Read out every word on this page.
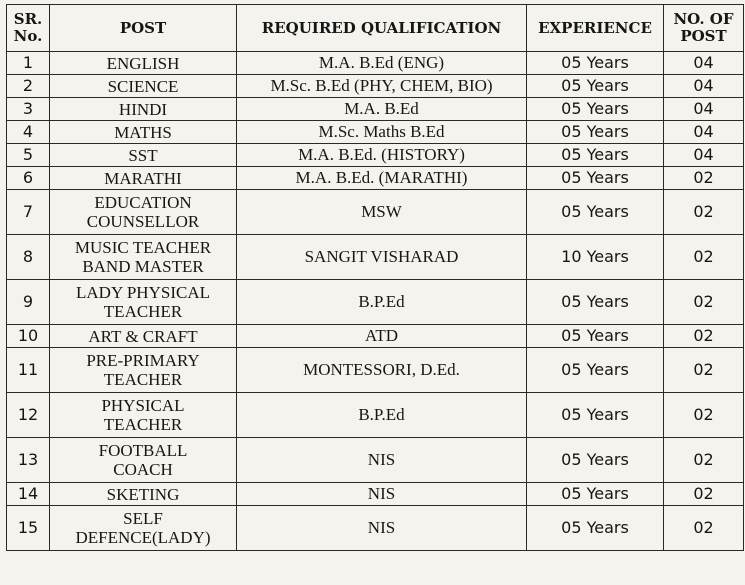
SR.
No.	POST	REQUIRED QUALIFICATION	EXPERIENCE	NO. OF
POST
1	ENGLISH	M.A. B.Ed (ENG)	05 Years	04
2	SCIENCE	M.Sc. B.Ed (PHY, CHEM, BIO)	05 Years	04
3	HINDI	M.A. B.Ed	05 Years	04
4	MATHS	M.Sc. Maths B.Ed	05 Years	04
5	SST	M.A. B.Ed. (HISTORY)	05 Years	04
6	MARATHI	M.A. B.Ed. (MARATHI)	05 Years	02
7	EDUCATION
COUNSELLOR	MSW	05 Years	02
8	MUSIC TEACHER
BAND MASTER	SANGIT VISHARAD	10 Years	02
9	LADY PHYSICAL
TEACHER	B.P.Ed	05 Years	02
10	ART & CRAFT	ATD	05 Years	02
11	PRE-PRIMARY
TEACHER	MONTESSORI, D.Ed.	05 Years	02
12	PHYSICAL
TEACHER	B.P.Ed	05 Years	02
13	FOOTBALL
COACH	NIS	05 Years	02
14	SKETING	NIS	05 Years	02
15	SELF
DEFENCE(LADY)	NIS	05 Years	02
